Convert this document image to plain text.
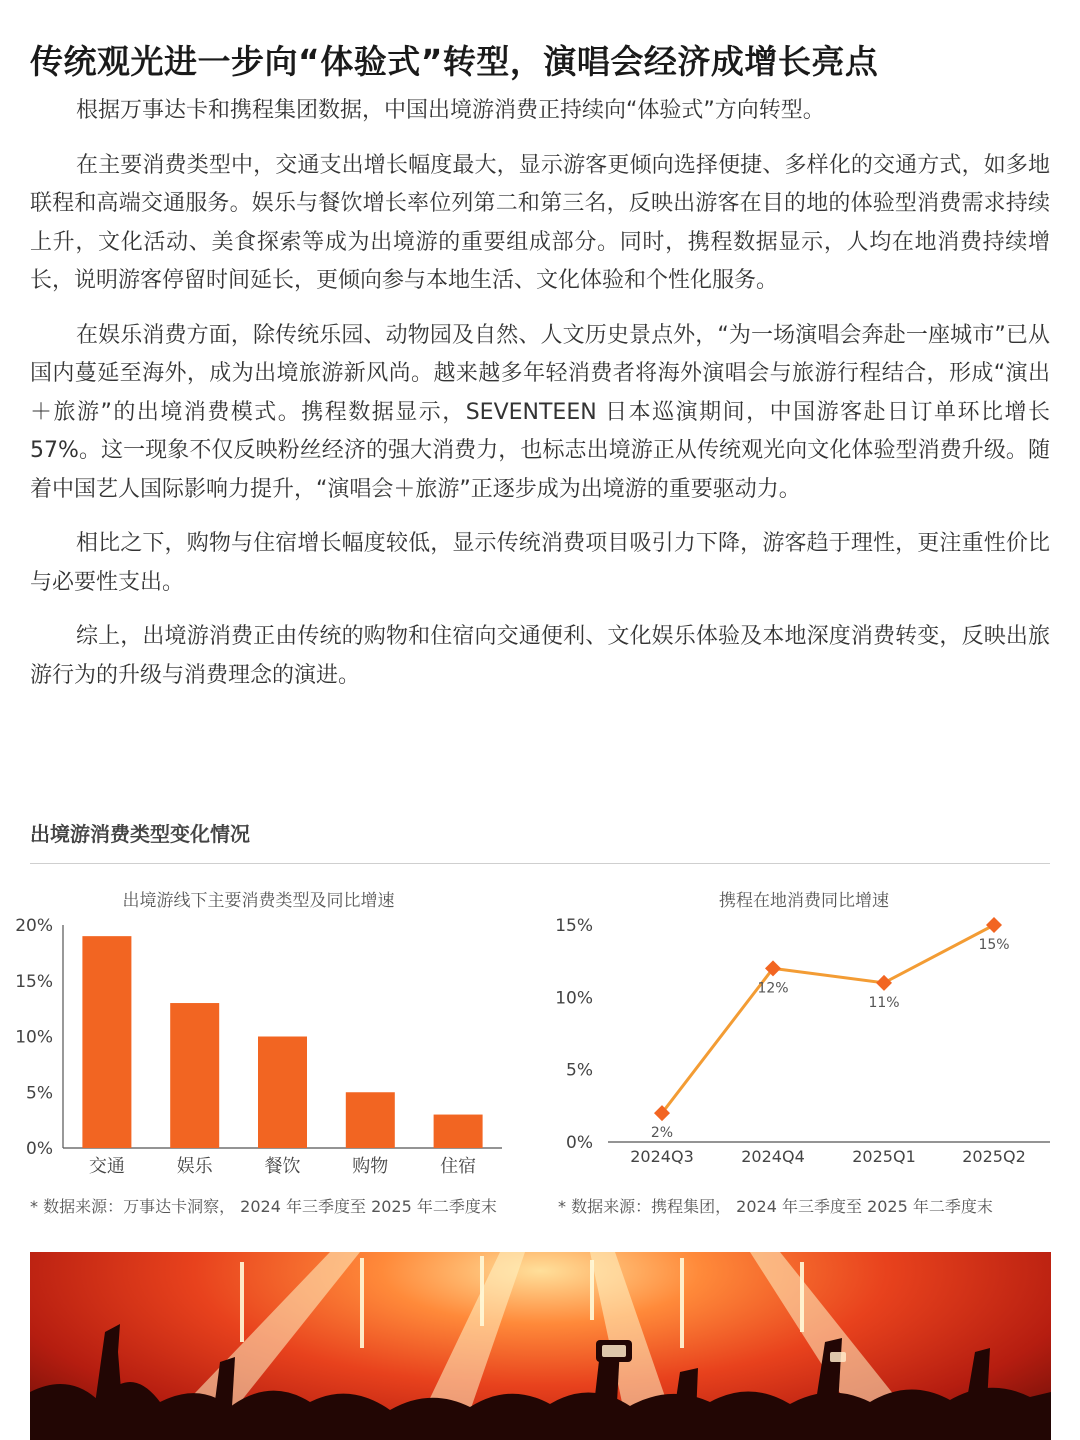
传统观光进一步向“体验式”转型，演唱会经济成增长亮点

根据万事达卡和携程集团数据，中国出境游消费正持续向“体验式”方向转型。

在主要消费类型中，交通支出增长幅度最大，显示游客更倾向选择便捷、多样化的交通方式，如多地联程和高端交通服务。娱乐与餐饮增长率位列第二和第三名，反映出游客在目的地的体验型消费需求持续上升，文化活动、美食探索等成为出境游的重要组成部分。同时，携程数据显示，人均在地消费持续增长，说明游客停留时间延长，更倾向参与本地生活、文化体验和个性化服务。

在娱乐消费方面，除传统乐园、动物园及自然、人文历史景点外，“为一场演唱会奔赴一座城市”已从国内蔓延至海外，成为出境旅游新风尚。越来越多年轻消费者将海外演唱会与旅游行程结合，形成“演出＋旅游”的出境消费模式。携程数据显示，SEVENTEEN 日本巡演期间，中国游客赴日订单环比增长 57%。这一现象不仅反映粉丝经济的强大消费力，也标志出境游正从传统观光向文化体验型消费升级。随着中国艺人国际影响力提升，“演唱会＋旅游”正逐步成为出境游的重要驱动力。

相比之下，购物与住宿增长幅度较低，显示传统消费项目吸引力下降，游客趋于理性，更注重性价比与必要性支出。

综上，出境游消费正由传统的购物和住宿向交通便利、文化娱乐体验及本地深度消费转变，反映出旅游行为的升级与消费理念的演进。

出境游消费类型变化情况
出境游线下主要消费类型及同比增速
0%
5%
10%
15%
20%
交通	娱乐	餐饮	购物	住宿
携程在地消费同比增速
0%
5%
10%
15%
2%
2024Q3
12%
2024Q4
11%
2025Q1
15%
2025Q2

* 数据来源：万事达卡洞察， 2024 年三季度至 2025 年二季度末	* 数据来源：携程集团， 2024 年三季度至 2025 年二季度末
